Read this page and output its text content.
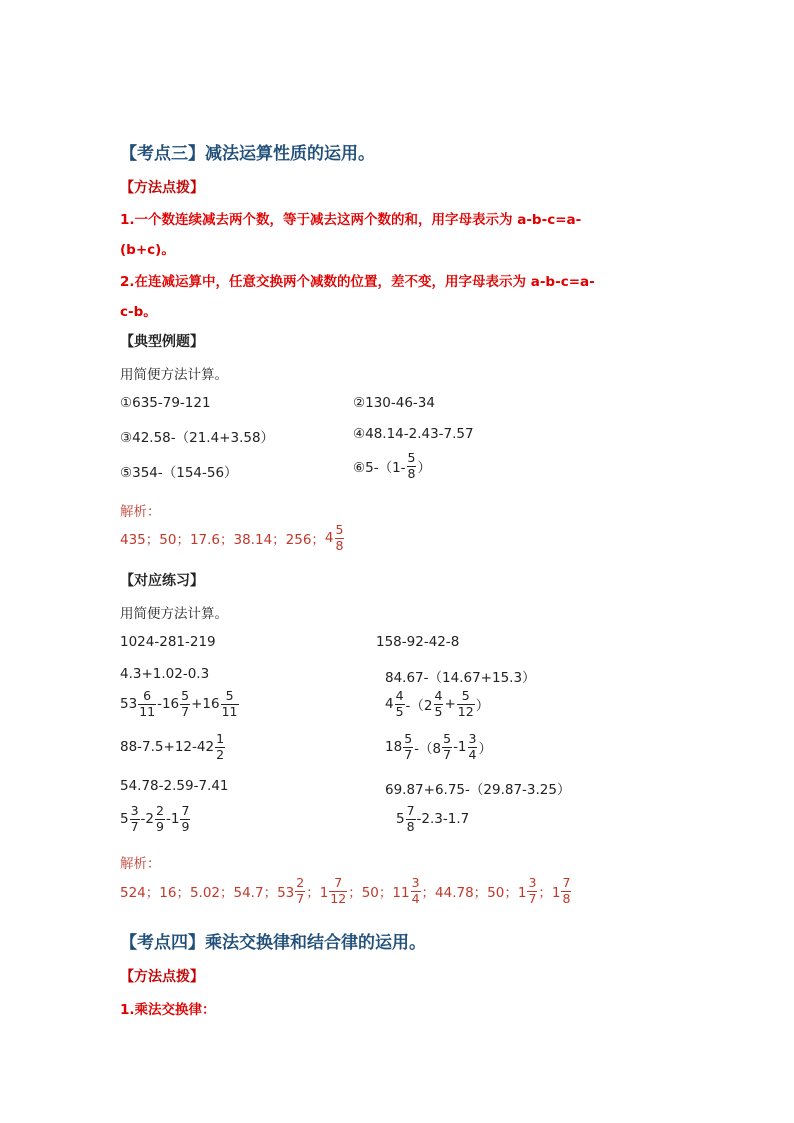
【考点三】减法运算性质的运用。
【方法点拨】
1.一个数连续减去两个数，等于减去这两个数的和，用字母表示为 a-b-c=a-
(b+c)。
2.在连减运算中，任意交换两个减数的位置，差不变，用字母表示为 a-b-c=a-
c-b。
【典型例题】
用简便方法计算。
①635-79-121	②130-46-34
③42.58-（21.4+3.58）	④48.14-2.43-7.57
⑤354-（154-56）	⑥5-（1- $\frac{5}{8}$ ）
解析：
435；50；17.6；38.14；256； $4 \frac{5}{8}$
【对应练习】
用简便方法计算。
1024-281-219	158-92-42-8
4.3+1.02-0.3	84.67-（14.67+15.3）
$53 \frac{6}{11} -16 \frac{5}{7} +16 \frac{5}{11}$	$4 \frac{4}{5} -(2 \frac{4}{5} + \frac{5}{12}$ ）
$88-7.5+12-42 \frac{1}{2}$	$18 \frac{5}{7} -(8 \frac{5}{7} -1 \frac{3}{4}$ ）
54.78-2.59-7.41	69.87+6.75-（29.87-3.25）
$5 \frac{3}{7} -2 \frac{2}{9} -1 \frac{7}{9}$	$5 \frac{7}{8} -2.3-1.7$
解析：
524；16；5.02；54.7；$53 \frac{2}{7}$ ；$1 \frac{7}{12}$ ；50；$11 \frac{3}{4}$ ；44.78；50；$1 \frac{3}{7}$ ；$1 \frac{7}{8}$
【考点四】乘法交换律和结合律的运用。
【方法点拨】
1.乘法交换律：
